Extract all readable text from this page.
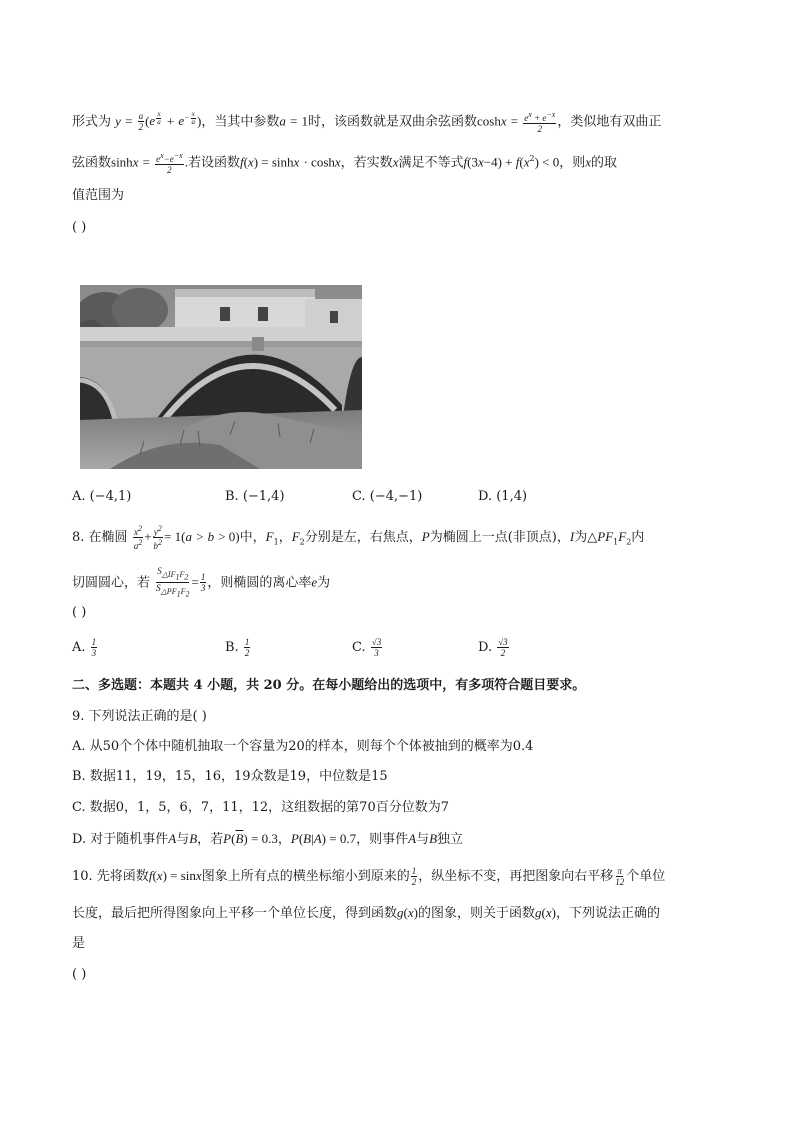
形式为 $y = \frac{a}{2} (e$ $^{\frac{x}{a}} + e^{- \frac{x}{a}}$ )，当其中参数a = 1时，该函数就是双曲余弦函数$\cosh x = \frac{e^x + e^{-x}}{2}$ ，类似地有双曲正
弦函数$\sinh x = \frac{e^x-e^{-x}}{2}$ .若设函数f(x) = sinhx · coshx，若实数x满足不等式$f(3x-4) + f(x^2) < 0$，则x的取
值范围为
( )
A. (−4,1)	B. (−1,4)	C. (−4,−1)	D. (1,4)
8. 在椭圆 $\frac{x^2}{a^2} + \frac{y^2}{b^2} = 1(a > b > 0)$中，$F_1$，$F_2$分别是左，右焦点，P为椭圆上一点(非顶点)，I为$\triangle PF_1F_2$内
切圆圆心，若 $\frac{S_{\triangle IF_1F_2}}{S_{\triangle PF_1F_2}} = \frac{1}{3}$ ，则椭圆的离心率e为
( )
A. $\frac{1}{3}$	B. $\frac{1}{2}$	C. $\frac{√3}{3}$	D. $\frac{√3}{2}$
二、多选题：本题共 4 小题，共 20 分。在每小题给出的选项中，有多项符合题目要求。
9. 下列说法正确的是( )
A. 从50个个体中随机抽取一个容量为20的样本，则每个个体被抽到的概率为0.4
B. 数据11，19，15，16，19众数是19，中位数是15
C. 数据0，1，5，6，7，11，12，这组数据的第70百分位数为7
D. 对于随机事件A与B，若$P(\overline{B}) = 0.3$，P(B|A) = 0.7，则事件A与B独立
10. 先将函数f(x) = sinx图象上所有点的横坐标缩小到原来的 $\frac{1}{2}$ ，纵坐标不变，再把图象向右平移 $\frac{\pi}{12}$ 个单位
长度，最后把所得图象向上平移一个单位长度，得到函数g(x)的图象，则关于函数g(x)，下列说法正确的
是
( )
